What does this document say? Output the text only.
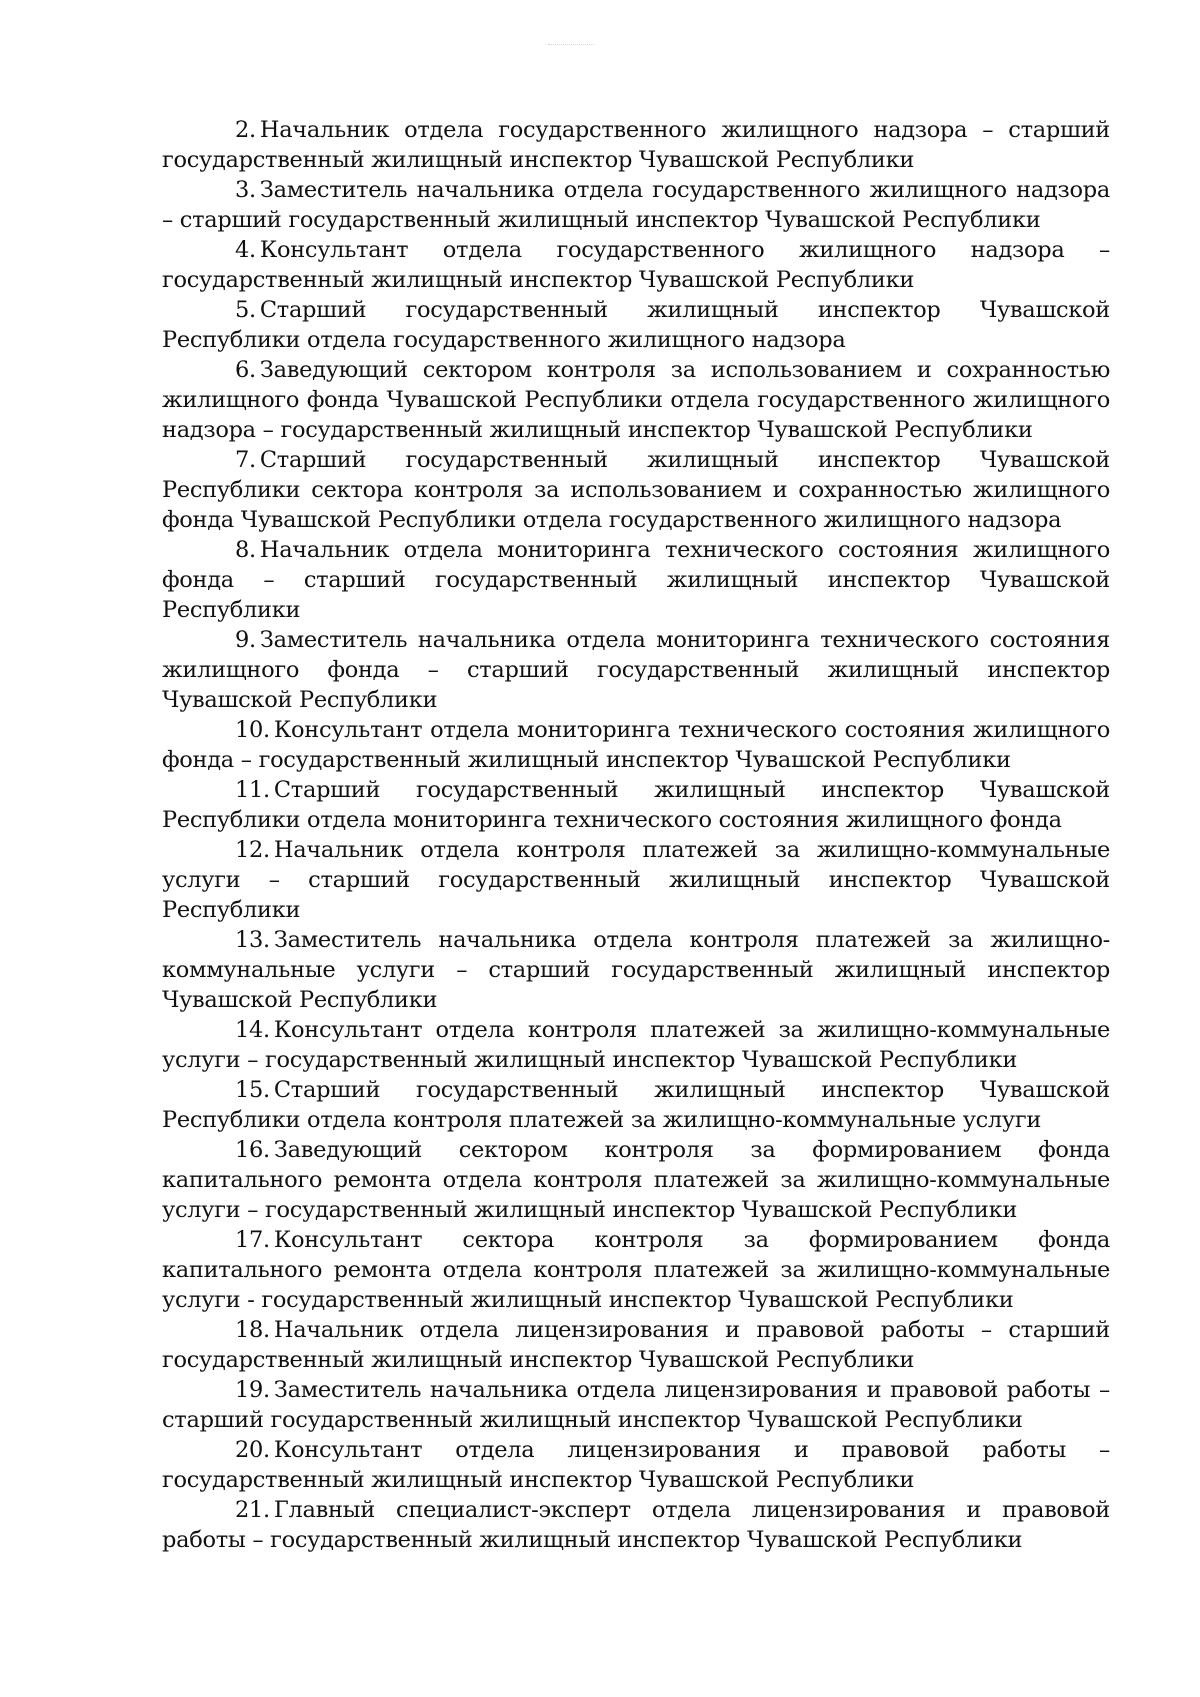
2. Начальник отдела государственного жилищного надзора – старший государственный жилищный инспектор Чувашской Республики

3. Заместитель начальника отдела государственного жилищного надзора – старший государственный жилищный инспектор Чувашской Республики

4. Консультант отдела государственного жилищного надзора – государственный жилищный инспектор Чувашской Республики

5. Старший государственный жилищный инспектор Чувашской Республики отдела государственного жилищного надзора

6. Заведующий сектором контроля за использованием и сохранностью жилищного фонда Чувашской Республики отдела государственного жилищного надзора – государственный жилищный инспектор Чувашской Республики

7. Старший государственный жилищный инспектор Чувашской Республики сектора контроля за использованием и сохранностью жилищного фонда Чувашской Республики отдела государственного жилищного надзора

8. Начальник отдела мониторинга технического состояния жилищного фонда – старший государственный жилищный инспектор Чувашской Республики

9. Заместитель начальника отдела мониторинга технического состояния жилищного фонда – старший государственный жилищный инспектор Чувашской Республики

10. Консультант отдела мониторинга технического состояния жилищного фонда – государственный жилищный инспектор Чувашской Республики

11. Старший государственный жилищный инспектор Чувашской Республики отдела мониторинга технического состояния жилищного фонда

12. Начальник отдела контроля платежей за жилищно-коммунальные услуги – старший государственный жилищный инспектор Чувашской Республики

13. Заместитель начальника отдела контроля платежей за жилищно-коммунальные услуги – старший государственный жилищный инспектор Чувашской Республики

14. Консультант отдела контроля платежей за жилищно-коммунальные услуги – государственный жилищный инспектор Чувашской Республики

15. Старший государственный жилищный инспектор Чувашской Республики отдела контроля платежей за жилищно-коммунальные услуги

16. Заведующий сектором контроля за формированием фонда капитального ремонта отдела контроля платежей за жилищно-коммунальные услуги – государственный жилищный инспектор Чувашской Республики

17. Консультант сектора контроля за формированием фонда капитального ремонта отдела контроля платежей за жилищно-коммунальные услуги - государственный жилищный инспектор Чувашской Республики

18. Начальник отдела лицензирования и правовой работы – старший государственный жилищный инспектор Чувашской Республики

19. Заместитель начальника отдела лицензирования и правовой работы – старший государственный жилищный инспектор Чувашской Республики

20. Консультант отдела лицензирования и правовой работы – государственный жилищный инспектор Чувашской Республики

21. Главный специалист-эксперт отдела лицензирования и правовой работы – государственный жилищный инспектор Чувашской Республики
